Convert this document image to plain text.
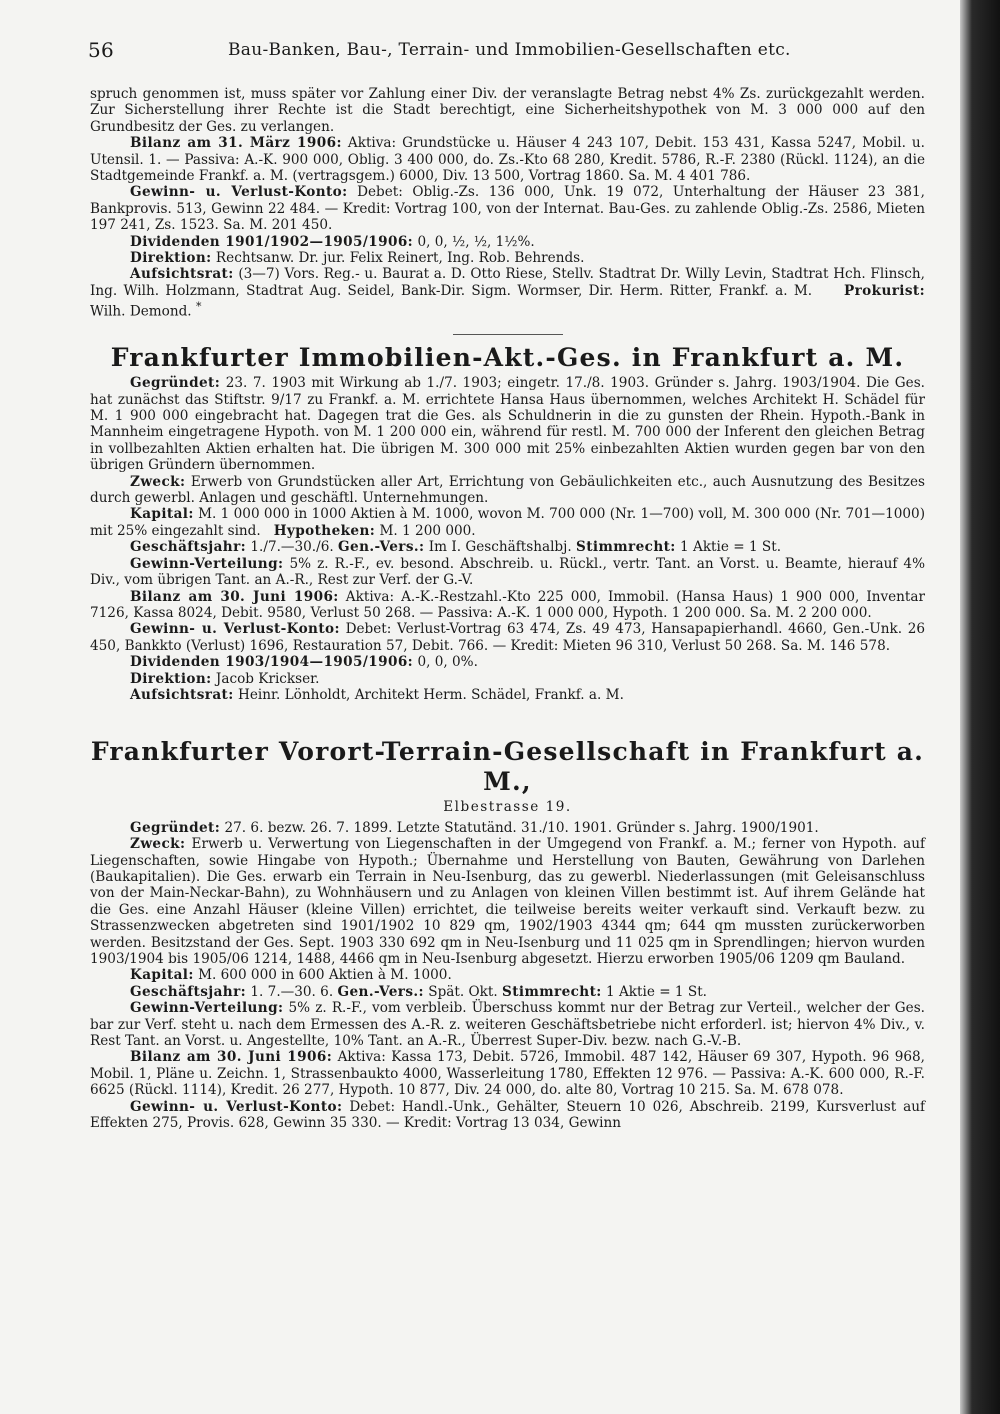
56	Bau-Banken, Bau-, Terrain- und Immobilien-Gesellschaften etc.

spruch genommen ist, muss später vor Zahlung einer Div. der veranslagte Betrag nebst 4% Zs. zurückgezahlt werden. Zur Sicherstellung ihrer Rechte ist die Stadt berechtigt, eine Sicherheitshypothek von M. 3 000 000 auf den Grundbesitz der Ges. zu verlangen.

Bilanz am 31. März 1906: Aktiva: Grundstücke u. Häuser 4 243 107, Debit. 153 431, Kassa 5247, Mobil. u. Utensil. 1. — Passiva: A.-K. 900 000, Oblig. 3 400 000, do. Zs.-Kto 68 280, Kredit. 5786, R.-F. 2380 (Rückl. 1124), an die Stadtgemeinde Frankf. a. M. (vertragsgem.) 6000, Div. 13 500, Vortrag 1860. Sa. M. 4 401 786.

Gewinn- u. Verlust-Konto: Debet: Oblig.-Zs. 136 000, Unk. 19 072, Unterhaltung der Häuser 23 381, Bankprovis. 513, Gewinn 22 484. — Kredit: Vortrag 100, von der Internat. Bau-Ges. zu zahlende Oblig.-Zs. 2586, Mieten 197 241, Zs. 1523. Sa. M. 201 450.

Dividenden 1901/1902—1905/1906: 0, 0, ½, ½, 1½%.

Direktion: Rechtsanw. Dr. jur. Felix Reinert, Ing. Rob. Behrends.

Aufsichtsrat: (3—7) Vors. Reg.- u. Baurat a. D. Otto Riese, Stellv. Stadtrat Dr. Willy Levin, Stadtrat Hch. Flinsch, Ing. Wilh. Holzmann, Stadtrat Aug. Seidel, Bank-Dir. Sigm. Wormser, Dir. Herm. Ritter, Frankf. a. M. Prokurist: Wilh. Demond. *

Frankfurter Immobilien-Akt.-Ges. in Frankfurt a. M.

Gegründet: 23. 7. 1903 mit Wirkung ab 1./7. 1903; eingetr. 17./8. 1903. Gründer s. Jahrg. 1903/1904. Die Ges. hat zunächst das Stiftstr. 9/17 zu Frankf. a. M. errichtete Hansa Haus übernommen, welches Architekt H. Schädel für M. 1 900 000 eingebracht hat. Dagegen trat die Ges. als Schuldnerin in die zu gunsten der Rhein. Hypoth.-Bank in Mannheim eingetragene Hypoth. von M. 1 200 000 ein, während für restl. M. 700 000 der Inferent den gleichen Betrag in vollbezahlten Aktien erhalten hat. Die übrigen M. 300 000 mit 25% einbezahlten Aktien wurden gegen bar von den übrigen Gründern übernommen.

Zweck: Erwerb von Grundstücken aller Art, Errichtung von Gebäulichkeiten etc., auch Ausnutzung des Besitzes durch gewerbl. Anlagen und geschäftl. Unternehmungen.

Kapital: M. 1 000 000 in 1000 Aktien à M. 1000, wovon M. 700 000 (Nr. 1—700) voll, M. 300 000 (Nr. 701—1000) mit 25% eingezahlt sind. Hypotheken: M. 1 200 000.

Geschäftsjahr: 1./7.—30./6. Gen.-Vers.: Im I. Geschäftshalbj. Stimmrecht: 1 Aktie = 1 St.

Gewinn-Verteilung: 5% z. R.-F., ev. besond. Abschreib. u. Rückl., vertr. Tant. an Vorst. u. Beamte, hierauf 4% Div., vom übrigen Tant. an A.-R., Rest zur Verf. der G.-V.

Bilanz am 30. Juni 1906: Aktiva: A.-K.-Restzahl.-Kto 225 000, Immobil. (Hansa Haus) 1 900 000, Inventar 7126, Kassa 8024, Debit. 9580, Verlust 50 268. — Passiva: A.-K. 1 000 000, Hypoth. 1 200 000. Sa. M. 2 200 000.

Gewinn- u. Verlust-Konto: Debet: Verlust-Vortrag 63 474, Zs. 49 473, Hansapapierhandl. 4660, Gen.-Unk. 26 450, Bankkto (Verlust) 1696, Restauration 57, Debit. 766. — Kredit: Mieten 96 310, Verlust 50 268. Sa. M. 146 578.

Dividenden 1903/1904—1905/1906: 0, 0, 0%.

Direktion: Jacob Krickser.

Aufsichtsrat: Heinr. Lönholdt, Architekt Herm. Schädel, Frankf. a. M.

Frankfurter Vorort-Terrain-Gesellschaft in Frankfurt a. M.,
Elbestrasse 19.

Gegründet: 27. 6. bezw. 26. 7. 1899. Letzte Statutänd. 31./10. 1901. Gründer s. Jahrg. 1900/1901.

Zweck: Erwerb u. Verwertung von Liegenschaften in der Umgegend von Frankf. a. M.; ferner von Hypoth. auf Liegenschaften, sowie Hingabe von Hypoth.; Übernahme und Herstellung von Bauten, Gewährung von Darlehen (Baukapitalien). Die Ges. erwarb ein Terrain in Neu-Isenburg, das zu gewerbl. Niederlassungen (mit Geleisanschluss von der Main-Neckar-Bahn), zu Wohnhäusern und zu Anlagen von kleinen Villen bestimmt ist. Auf ihrem Gelände hat die Ges. eine Anzahl Häuser (kleine Villen) errichtet, die teilweise bereits weiter verkauft sind. Verkauft bezw. zu Strassenzwecken abgetreten sind 1901/1902 10 829 qm, 1902/1903 4344 qm; 644 qm mussten zurückerworben werden. Besitzstand der Ges. Sept. 1903 330 692 qm in Neu-Isenburg und 11 025 qm in Sprendlingen; hiervon wurden 1903/1904 bis 1905/06 1214, 1488, 4466 qm in Neu-Isenburg abgesetzt. Hierzu erworben 1905/06 1209 qm Bauland.

Kapital: M. 600 000 in 600 Aktien à M. 1000.

Geschäftsjahr: 1. 7.—30. 6. Gen.-Vers.: Spät. Okt. Stimmrecht: 1 Aktie = 1 St.

Gewinn-Verteilung: 5% z. R.-F., vom verbleib. Überschuss kommt nur der Betrag zur Verteil., welcher der Ges. bar zur Verf. steht u. nach dem Ermessen des A.-R. z. weiteren Geschäftsbetriebe nicht erforderl. ist; hiervon 4% Div., v. Rest Tant. an Vorst. u. Angestellte, 10% Tant. an A.-R., Überrest Super-Div. bezw. nach G.-V.-B.

Bilanz am 30. Juni 1906: Aktiva: Kassa 173, Debit. 5726, Immobil. 487 142, Häuser 69 307, Hypoth. 96 968, Mobil. 1, Pläne u. Zeichn. 1, Strassenbaukto 4000, Wasserleitung 1780, Effekten 12 976. — Passiva: A.-K. 600 000, R.-F. 6625 (Rückl. 1114), Kredit. 26 277, Hypoth. 10 877, Div. 24 000, do. alte 80, Vortrag 10 215. Sa. M. 678 078.

Gewinn- u. Verlust-Konto: Debet: Handl.-Unk., Gehälter, Steuern 10 026, Abschreib. 2199, Kursverlust auf Effekten 275, Provis. 628, Gewinn 35 330. — Kredit: Vortrag 13 034, Gewinn
